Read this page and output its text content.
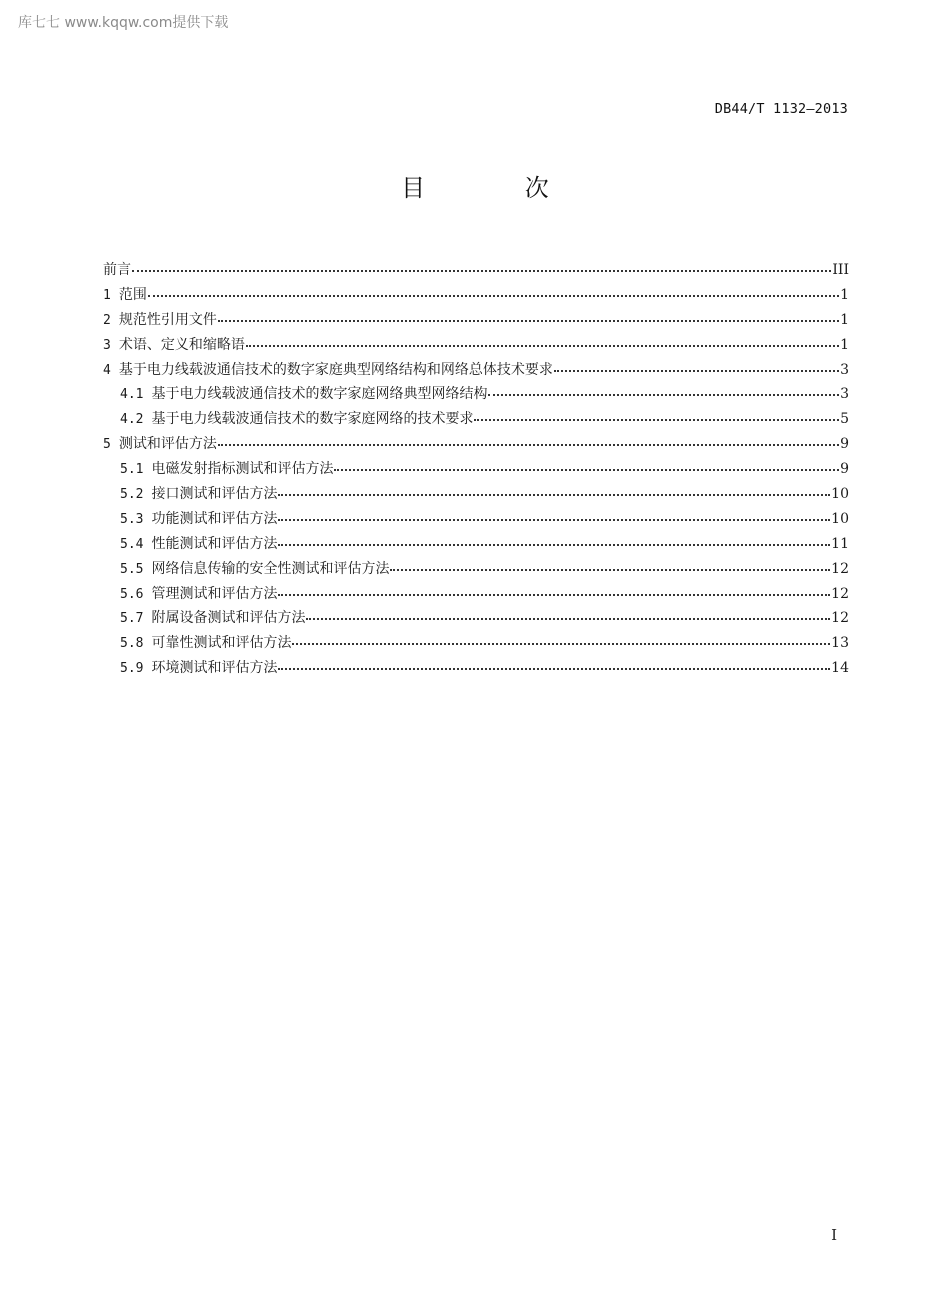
库七七 www.kqqw.com提供下载
DB44/T 1132—2013
目 次
前言	III
1 范围	1
2 规范性引用文件	1
3 术语、定义和缩略语	1
4 基于电力线载波通信技术的数字家庭典型网络结构和网络总体技术要求	3
4.1 基于电力线载波通信技术的数字家庭网络典型网络结构	3
4.2 基于电力线载波通信技术的数字家庭网络的技术要求	5
5 测试和评估方法	9
5.1 电磁发射指标测试和评估方法	9
5.2 接口测试和评估方法	10
5.3 功能测试和评估方法	10
5.4 性能测试和评估方法	11
5.5 网络信息传输的安全性测试和评估方法	12
5.6 管理测试和评估方法	12
5.7 附属设备测试和评估方法	12
5.8 可靠性测试和评估方法	13
5.9 环境测试和评估方法	14
I
